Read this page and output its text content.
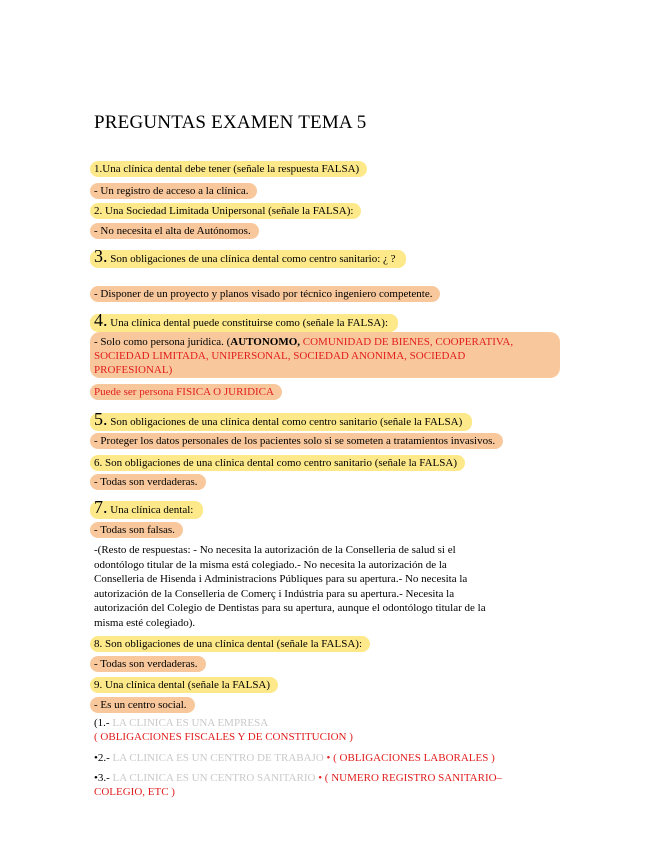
PREGUNTAS EXAMEN TEMA 5
1.Una clínica dental debe tener (señale la respuesta FALSA)
- Un registro de acceso a la clínica.
2. Una Sociedad Limitada Unipersonal (señale la FALSA):
- No necesita el alta de Autónomos.
3. Son obligaciones de una clínica dental como centro sanitario: ¿ ?
- Disponer de un proyecto y planos visado por técnico ingeniero competente.
4. Una clínica dental puede constituirse como (señale la FALSA):
- Solo como persona jurídica. (AUTONOMO, COMUNIDAD DE BIENES, COOPERATIVA,
SOCIEDAD LIMITADA, UNIPERSONAL, SOCIEDAD ANONIMA, SOCIEDAD
PROFESIONAL)
Puede ser persona FISICA O JURIDICA
5. Son obligaciones de una clínica dental como centro sanitario (señale la FALSA)
- Proteger los datos personales de los pacientes solo si se someten a tratamientos invasivos.
6. Son obligaciones de una clínica dental como centro sanitario (señale la FALSA)
- Todas son verdaderas.
7. Una clínica dental:
- Todas son falsas.
-(Resto de respuestas: - No necesita la autorización de la Conselleria de salud si el
odontólogo titular de la misma está colegiado.- No necesita la autorización de la
Conselleria de Hisenda i Administracions Públiques para su apertura.- No necesita la
autorización de la Conselleria de Comerç i Indústria para su apertura.- Necesita la
autorización del Colegio de Dentistas para su apertura, aunque el odontólogo titular de la
misma esté colegiado).
8. Son obligaciones de una clínica dental (señale la FALSA):
- Todas son verdaderas.
9. Una clínica dental (señale la FALSA)
- Es un centro social.
(1.- LA CLINICA ES UNA EMPRESA
( OBLIGACIONES FISCALES Y DE CONSTITUCION )
•2.- LA CLINICA ES UN CENTRO DE TRABAJO • ( OBLIGACIONES LABORALES )
•3.- LA CLINICA ES UN CENTRO SANITARIO • ( NUMERO REGISTRO SANITARIO–
COLEGIO, ETC )
